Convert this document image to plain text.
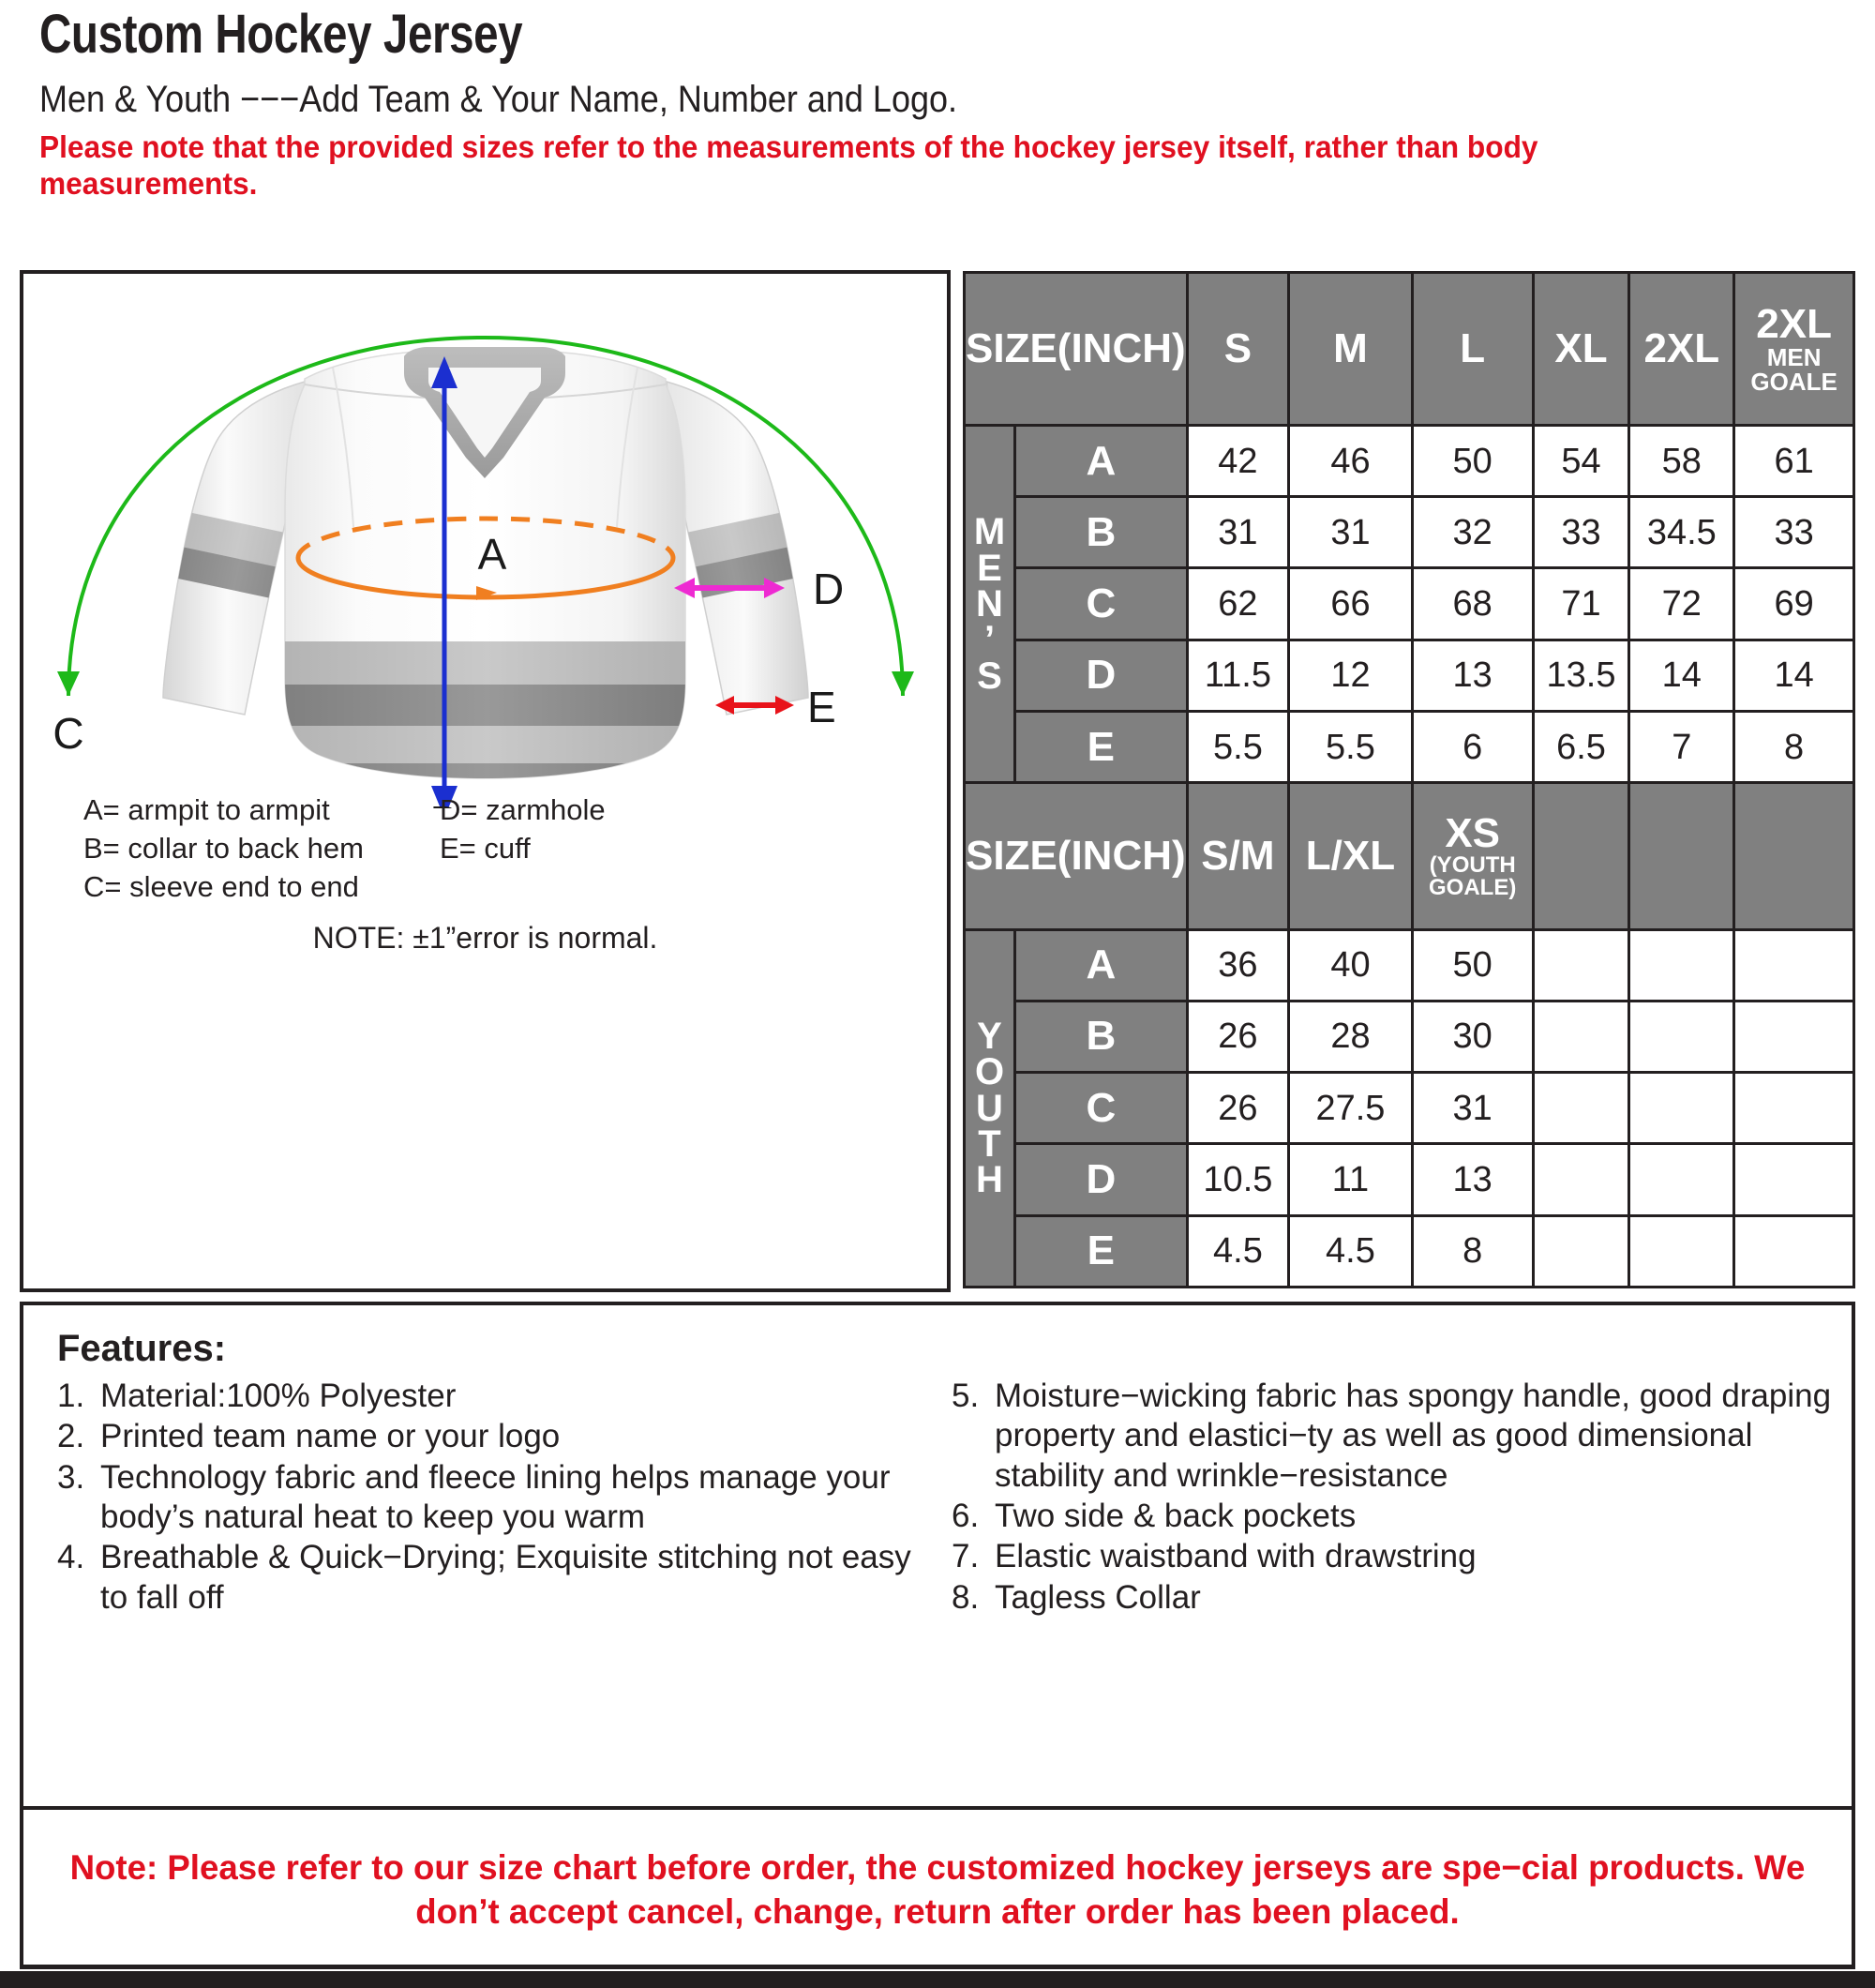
Custom Hockey Jersey
Men & Youth −−−Add Team & Your Name, Number and Logo.
Please note that the provided sizes refer to the measurements of the hockey jersey itself, rather than body measurements.
A
D
E
C
A= armpit to armpit	D= zarmhole
B= collar to back hem	E= cuff
C= sleeve end to end
NOTE: ±1”error is normal.
SIZE(INCH)		S	M	L	XL	2XL	2XL
MEN
GOALE

M
E
N
’
S	A	42	46	50	54	58	61
	B	31	31	32	33	34.5	33
	C	62	66	68	71	72	69
	D	11.5	12	13	13.5	14	14
	E	5.5	5.5	6	6.5	7	8
SIZE(INCH)		S/M	L/XL	XS
(YOUTH
GOALE)			

Y
O
U
T
H	A	36	40	50			
	B	26	28	30			
	C	26	27.5	31			
	D	10.5	11	13			
	E	4.5	4.5	8			
Features:
1. Material:100% Polyester
2. Printed team name or your logo
3. Technology fabric and fleece lining helps manage your body’s natural heat to keep you warm
4. Breathable & Quick−Drying; Exquisite stitching not easy to fall off
5. Moisture−wicking fabric has spongy handle, good draping property and elastici−ty as well as good dimensional stability and wrinkle−resistance
6. Two side & back pockets
7. Elastic waistband with drawstring
8. Tagless Collar
Note: Please refer to our size chart before order, the customized hockey jerseys are spe−cial products. We don’t accept cancel, change, return after order has been placed.
